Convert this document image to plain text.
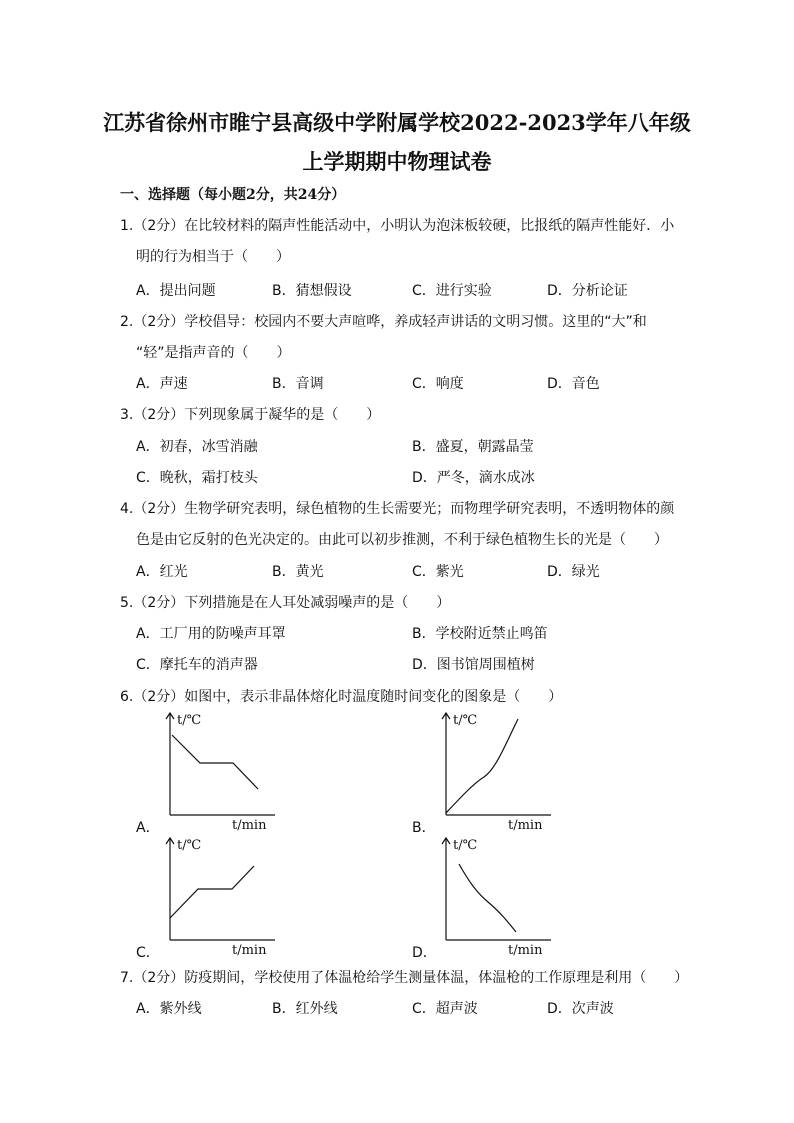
江苏省徐州市睢宁县高级中学附属学校2022-2023学年八年级
上学期期中物理试卷
一、选择题（每小题2分，共24分）
1.（2分）在比较材料的隔声性能活动中，小明认为泡沫板较硬，比报纸的隔声性能好．小
明的行为相当于（　　）
A．提出问题	B．猜想假设	C．进行实验	D．分析论证
2.（2分）学校倡导：校园内不要大声喧哗，养成轻声讲话的文明习惯。这里的“大”和
“轻”是指声音的（　　）
A．声速	B．音调	C．响度	D．音色
3.（2分）下列现象属于凝华的是（　　）
A．初春，冰雪消融	B．盛夏，朝露晶莹
C．晚秋，霜打枝头	D．严冬，滴水成冰
4.（2分）生物学研究表明，绿色植物的生长需要光；而物理学研究表明，不透明物体的颜
色是由它反射的色光决定的。由此可以初步推测，不利于绿色植物生长的光是（　　）
A．红光	B．黄光	C．紫光	D．绿光
5.（2分）下列措施是在人耳处减弱噪声的是（　　）
A．工厂用的防噪声耳罩	B．学校附近禁止鸣笛
C．摩托车的消声器	D．图书馆周围植树
6.（2分）如图中，表示非晶体熔化时温度随时间变化的图象是（　　）
A．
t/℃
t/min	B．
t/℃
t/min
C．
t/℃
t/min	D．
t/℃
t/min
7.（2分）防疫期间，学校使用了体温枪给学生测量体温，体温枪的工作原理是利用（　　）
A．紫外线	B．红外线	C．超声波	D．次声波
